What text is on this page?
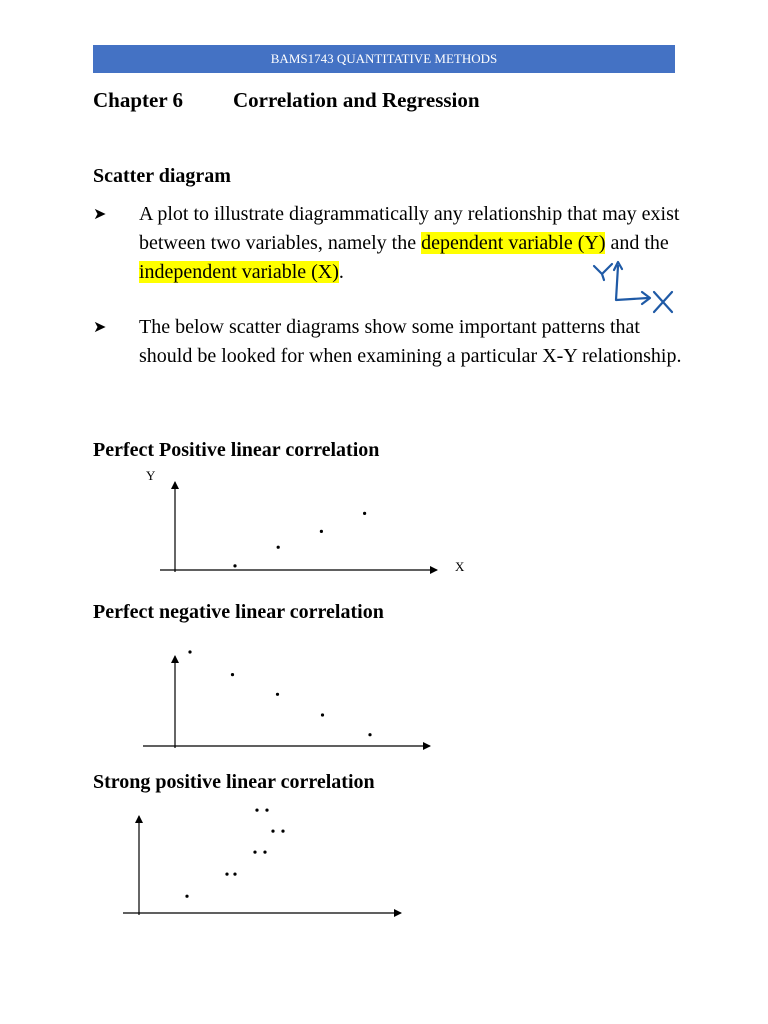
BAMS1743 QUANTITATIVE METHODS
Chapter 6 Correlation and Regression
Scatter diagram
➤ A plot to illustrate diagrammatically any relationship that may exist between two variables, namely the dependent variable (Y) and the independent variable (X).
➤ The below scatter diagrams show some important patterns that should be looked for when examining a particular X-Y relationship.
Perfect Positive linear correlation
Y
X
Perfect negative linear correlation
Strong positive linear correlation
